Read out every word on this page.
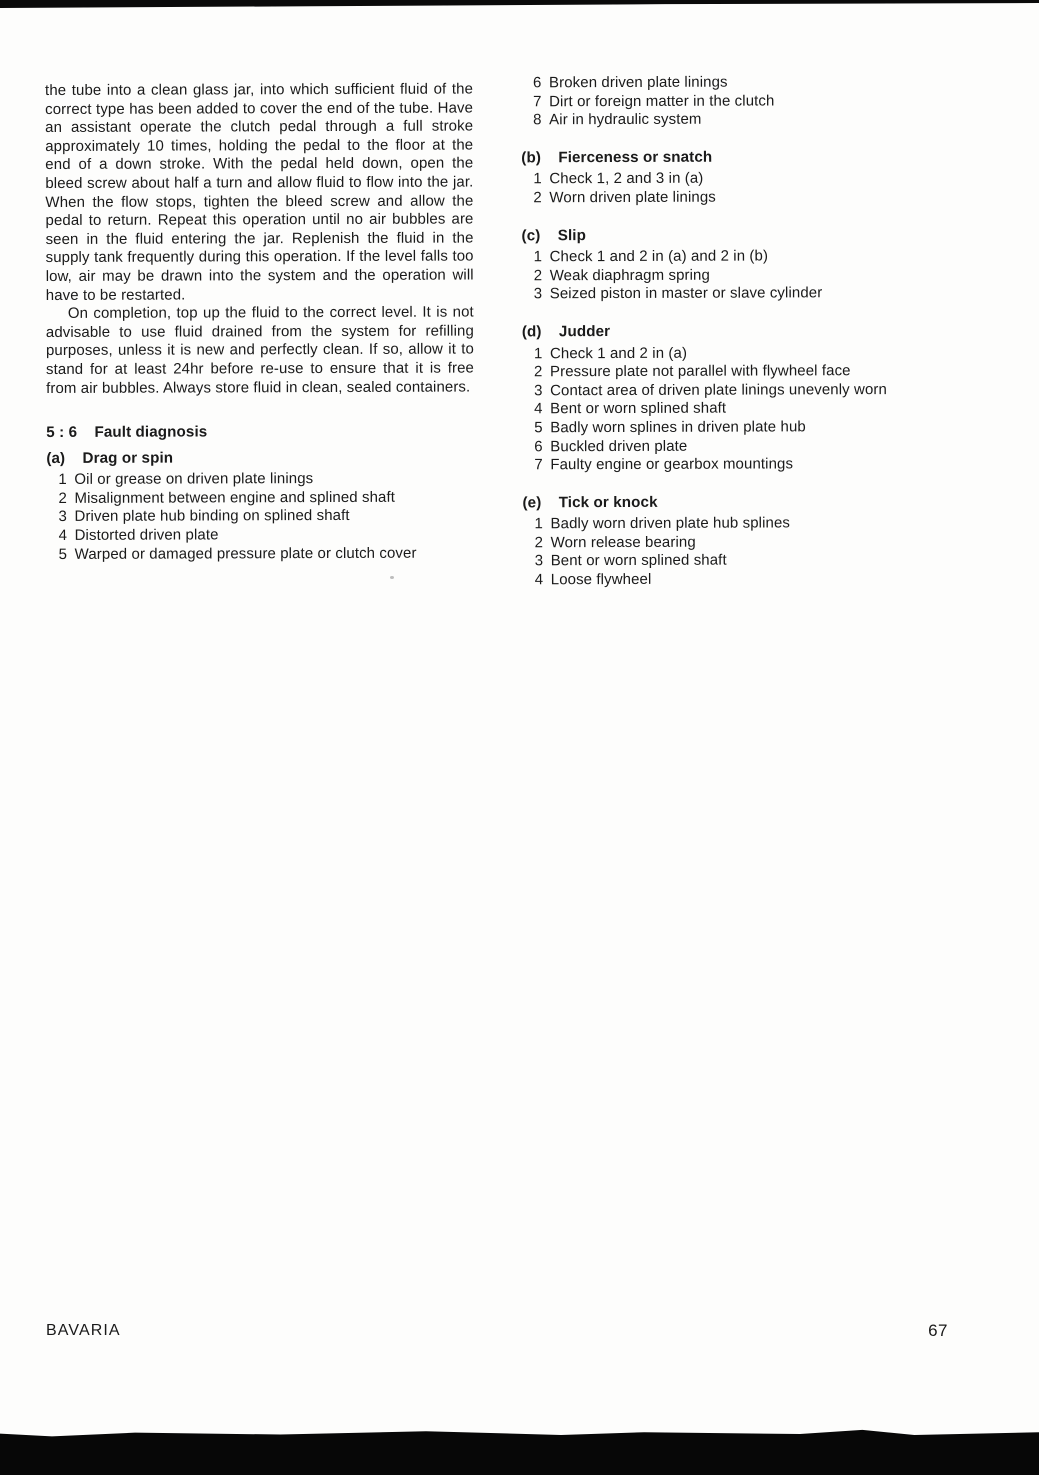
the tube into a clean glass jar, into which sufficient fluid of the correct type has been added to cover the end of the tube. Have an assistant operate the clutch pedal through a full stroke approximately 10 times, holding the pedal to the floor at the end of a down stroke. With the pedal held down, open the bleed screw about half a turn and allow fluid to flow into the jar. When the flow stops, tighten the bleed screw and allow the pedal to return. Repeat this operation until no air bubbles are seen in the fluid entering the jar. Replenish the fluid in the supply tank frequently during this operation. If the level falls too low, air may be drawn into the system and the operation will have to be restarted.

On completion, top up the fluid to the correct level. It is not advisable to use fluid drained from the system for refilling purposes, unless it is new and perfectly clean. If so, allow it to stand for at least 24hr before re-use to ensure that it is free from air bubbles. Always store fluid in clean, sealed containers.

5 : 6 Fault diagnosis
(a) Drag or spin
1 Oil or grease on driven plate linings
2 Misalignment between engine and splined shaft
3 Driven plate hub binding on splined shaft
4 Distorted driven plate
5 Warped or damaged pressure plate or clutch cover
6 Broken driven plate linings
7 Dirt or foreign matter in the clutch
8 Air in hydraulic system
(b) Fierceness or snatch
1 Check 1, 2 and 3 in (a)
2 Worn driven plate linings
(c) Slip
1 Check 1 and 2 in (a) and 2 in (b)
2 Weak diaphragm spring
3 Seized piston in master or slave cylinder
(d) Judder
1 Check 1 and 2 in (a)
2 Pressure plate not parallel with flywheel face
3 Contact area of driven plate linings unevenly worn
4 Bent or worn splined shaft
5 Badly worn splines in driven plate hub
6 Buckled driven plate
7 Faulty engine or gearbox mountings
(e) Tick or knock
1 Badly worn driven plate hub splines
2 Worn release bearing
3 Bent or worn splined shaft
4 Loose flywheel
BAVARIA	67
